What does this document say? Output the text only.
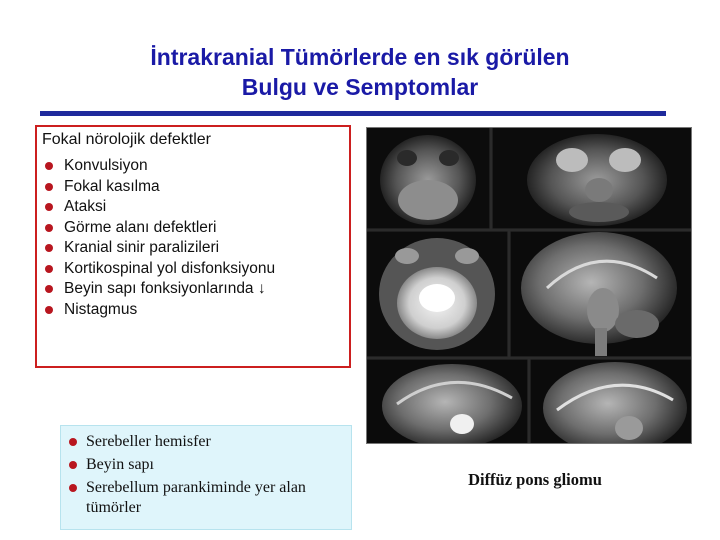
İntrakranial Tümörlerde en sık görülen
Bulgu ve Semptomlar
Fokal nörolojik defektler
Konvulsiyon
Fokal kasılma
Ataksi
Görme alanı defektleri
Kranial sinir paralizileri
Kortikospinal yol disfonksiyonu
Beyin sapı fonksiyonlarında ↓
Nistagmus
Serebeller hemisfer
Beyin sapı
Serebellum parankiminde yer alan tümörler
Diffüz pons gliomu
